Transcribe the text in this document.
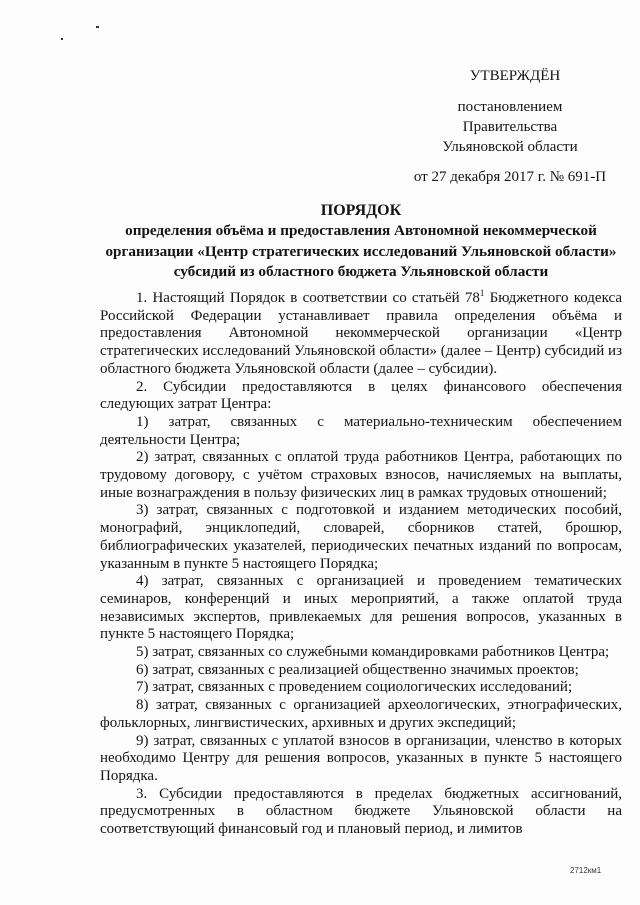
УТВЕРЖДЁН
постановлением Правительства
Ульяновской области
от 27 декабря 2017 г. № 691-П
ПОРЯДОК
определения объёма и предоставления Автономной некоммерческой организации «Центр стратегических исследований Ульяновской области» субсидий из областного бюджета Ульяновской области

1. Настоящий Порядок в соответствии со статьёй $78^1$ Бюджетного кодекса Российской Федерации устанавливает правила определения объёма и предоставления Автономной некоммерческой организации «Центр стратегических исследований Ульяновской области» (далее – Центр) субсидий из областного бюджета Ульяновской области (далее – субсидии).

2. Субсидии предоставляются в целях финансового обеспечения следующих затрат Центра:

1) затрат, связанных с материально-техническим обеспечением деятельности Центра;

2) затрат, связанных с оплатой труда работников Центра, работающих по трудовому договору, с учётом страховых взносов, начисляемых на выплаты, иные вознаграждения в пользу физических лиц в рамках трудовых отношений;

3) затрат, связанных с подготовкой и изданием методических пособий, монографий, энциклопедий, словарей, сборников статей, брошюр, библиографических указателей, периодических печатных изданий по вопросам, указанным в пункте 5 настоящего Порядка;

4) затрат, связанных с организацией и проведением тематических семинаров, конференций и иных мероприятий, а также оплатой труда независимых экспертов, привлекаемых для решения вопросов, указанных в пункте 5 настоящего Порядка;

5) затрат, связанных со служебными командировками работников Центра;

6) затрат, связанных с реализацией общественно значимых проектов;

7) затрат, связанных с проведением социологических исследований;

8) затрат, связанных с организацией археологических, этнографических, фольклорных, лингвистических, архивных и других экспедиций;

9) затрат, связанных с уплатой взносов в организации, членство в которых необходимо Центру для решения вопросов, указанных в пункте 5 настоящего Порядка.

3. Субсидии предоставляются в пределах бюджетных ассигнований, предусмотренных в областном бюджете Ульяновской области на соответствующий финансовый год и плановый период, и лимитов

2712км1
